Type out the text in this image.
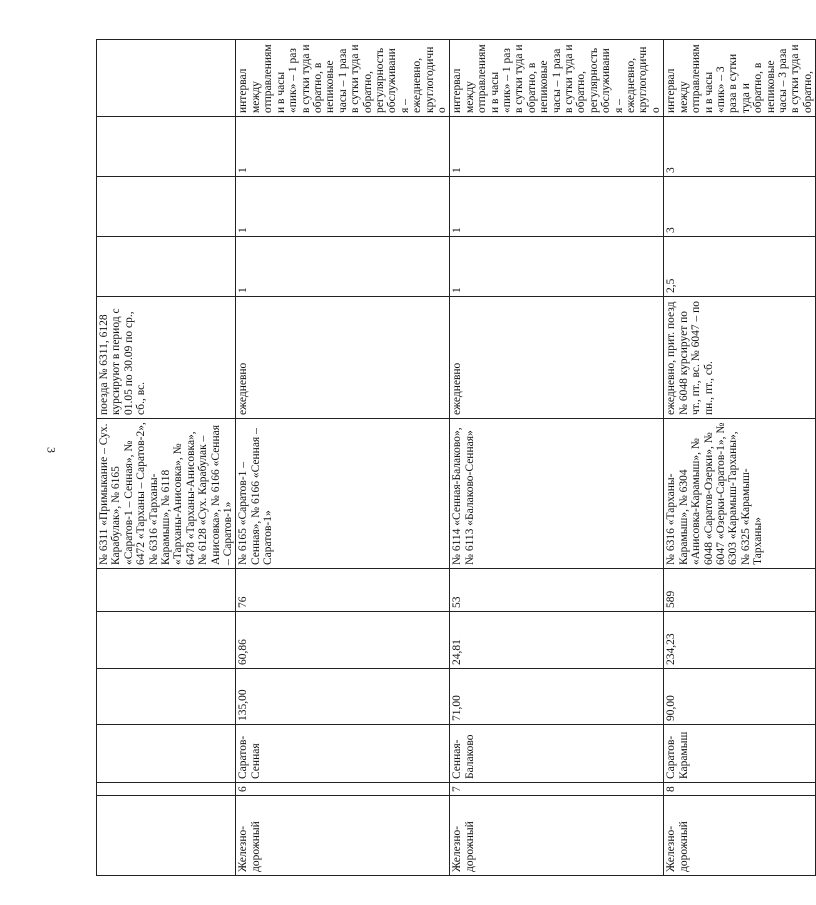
3
							№ 6311 «Примыкание – Сух. Карабулак», № 6165 «Саратов-1 – Сенная», № 6472 «Тарханы – Саратов-2», № 6316 «Тарханы-Карамыш», № 6118 «Тарханы-Анисовка», № 6478 «Тарханы-Анисовка», № 6128 «Сух. Карабулак – Анисовка», № 6166 «Сенная – Саратов-1»	поезда № 6311, 6128 курсируют в период с 01.05 по 30.09 по ср., сб., вс.				
Железно-дорожный	6	Саратов-Сенная	135,00	60,86	76	№ 6165 «Саратов-1 – Сенная», № 6166 «Сенная – Саратов-1»	ежедневно	1	1	1	интервал между отправлениями в часы «пик» – 1 раз в сутки туда и обратно, в непиковые часы – 1 раза в сутки туда и обратно, регулярность обслуживания – ежедневно, круглогодично
Железно-дорожный	7	Сенная-Балаково	71,00	24,81	53	№ 6114 «Сенная-Балаково», № 6113 «Балаково-Сенная»	ежедневно	1	1	1	интервал между отправлениями в часы «пик» – 1 раз в сутки туда и обратно, в непиковые часы – 1 раза в сутки туда и обратно, регулярность обслуживания – ежедневно, круглогодично
Железно-дорожный	8	Саратов-Карамыш	90,00	234,23	589	№ 6316 «Тарханы-Карамыш», № 6304 «Анисовка-Карамыш», № 6048 «Саратов-Озерки», № 6047 «Озерки-Саратов-1», № 6303 «Карамыш-Тарханы», № 6325 «Карамыш-Тарханы»	ежедневно, прит. поезд № 6048 курсирует по чт., пт., вс. № 6047 – по пн., пт., сб.	2,5	3	3	интервал между отправлениями в часы «пик» – 3 раза в сутки туда и обратно, в непиковые часы – 3 раза в сутки туда и обратно,
